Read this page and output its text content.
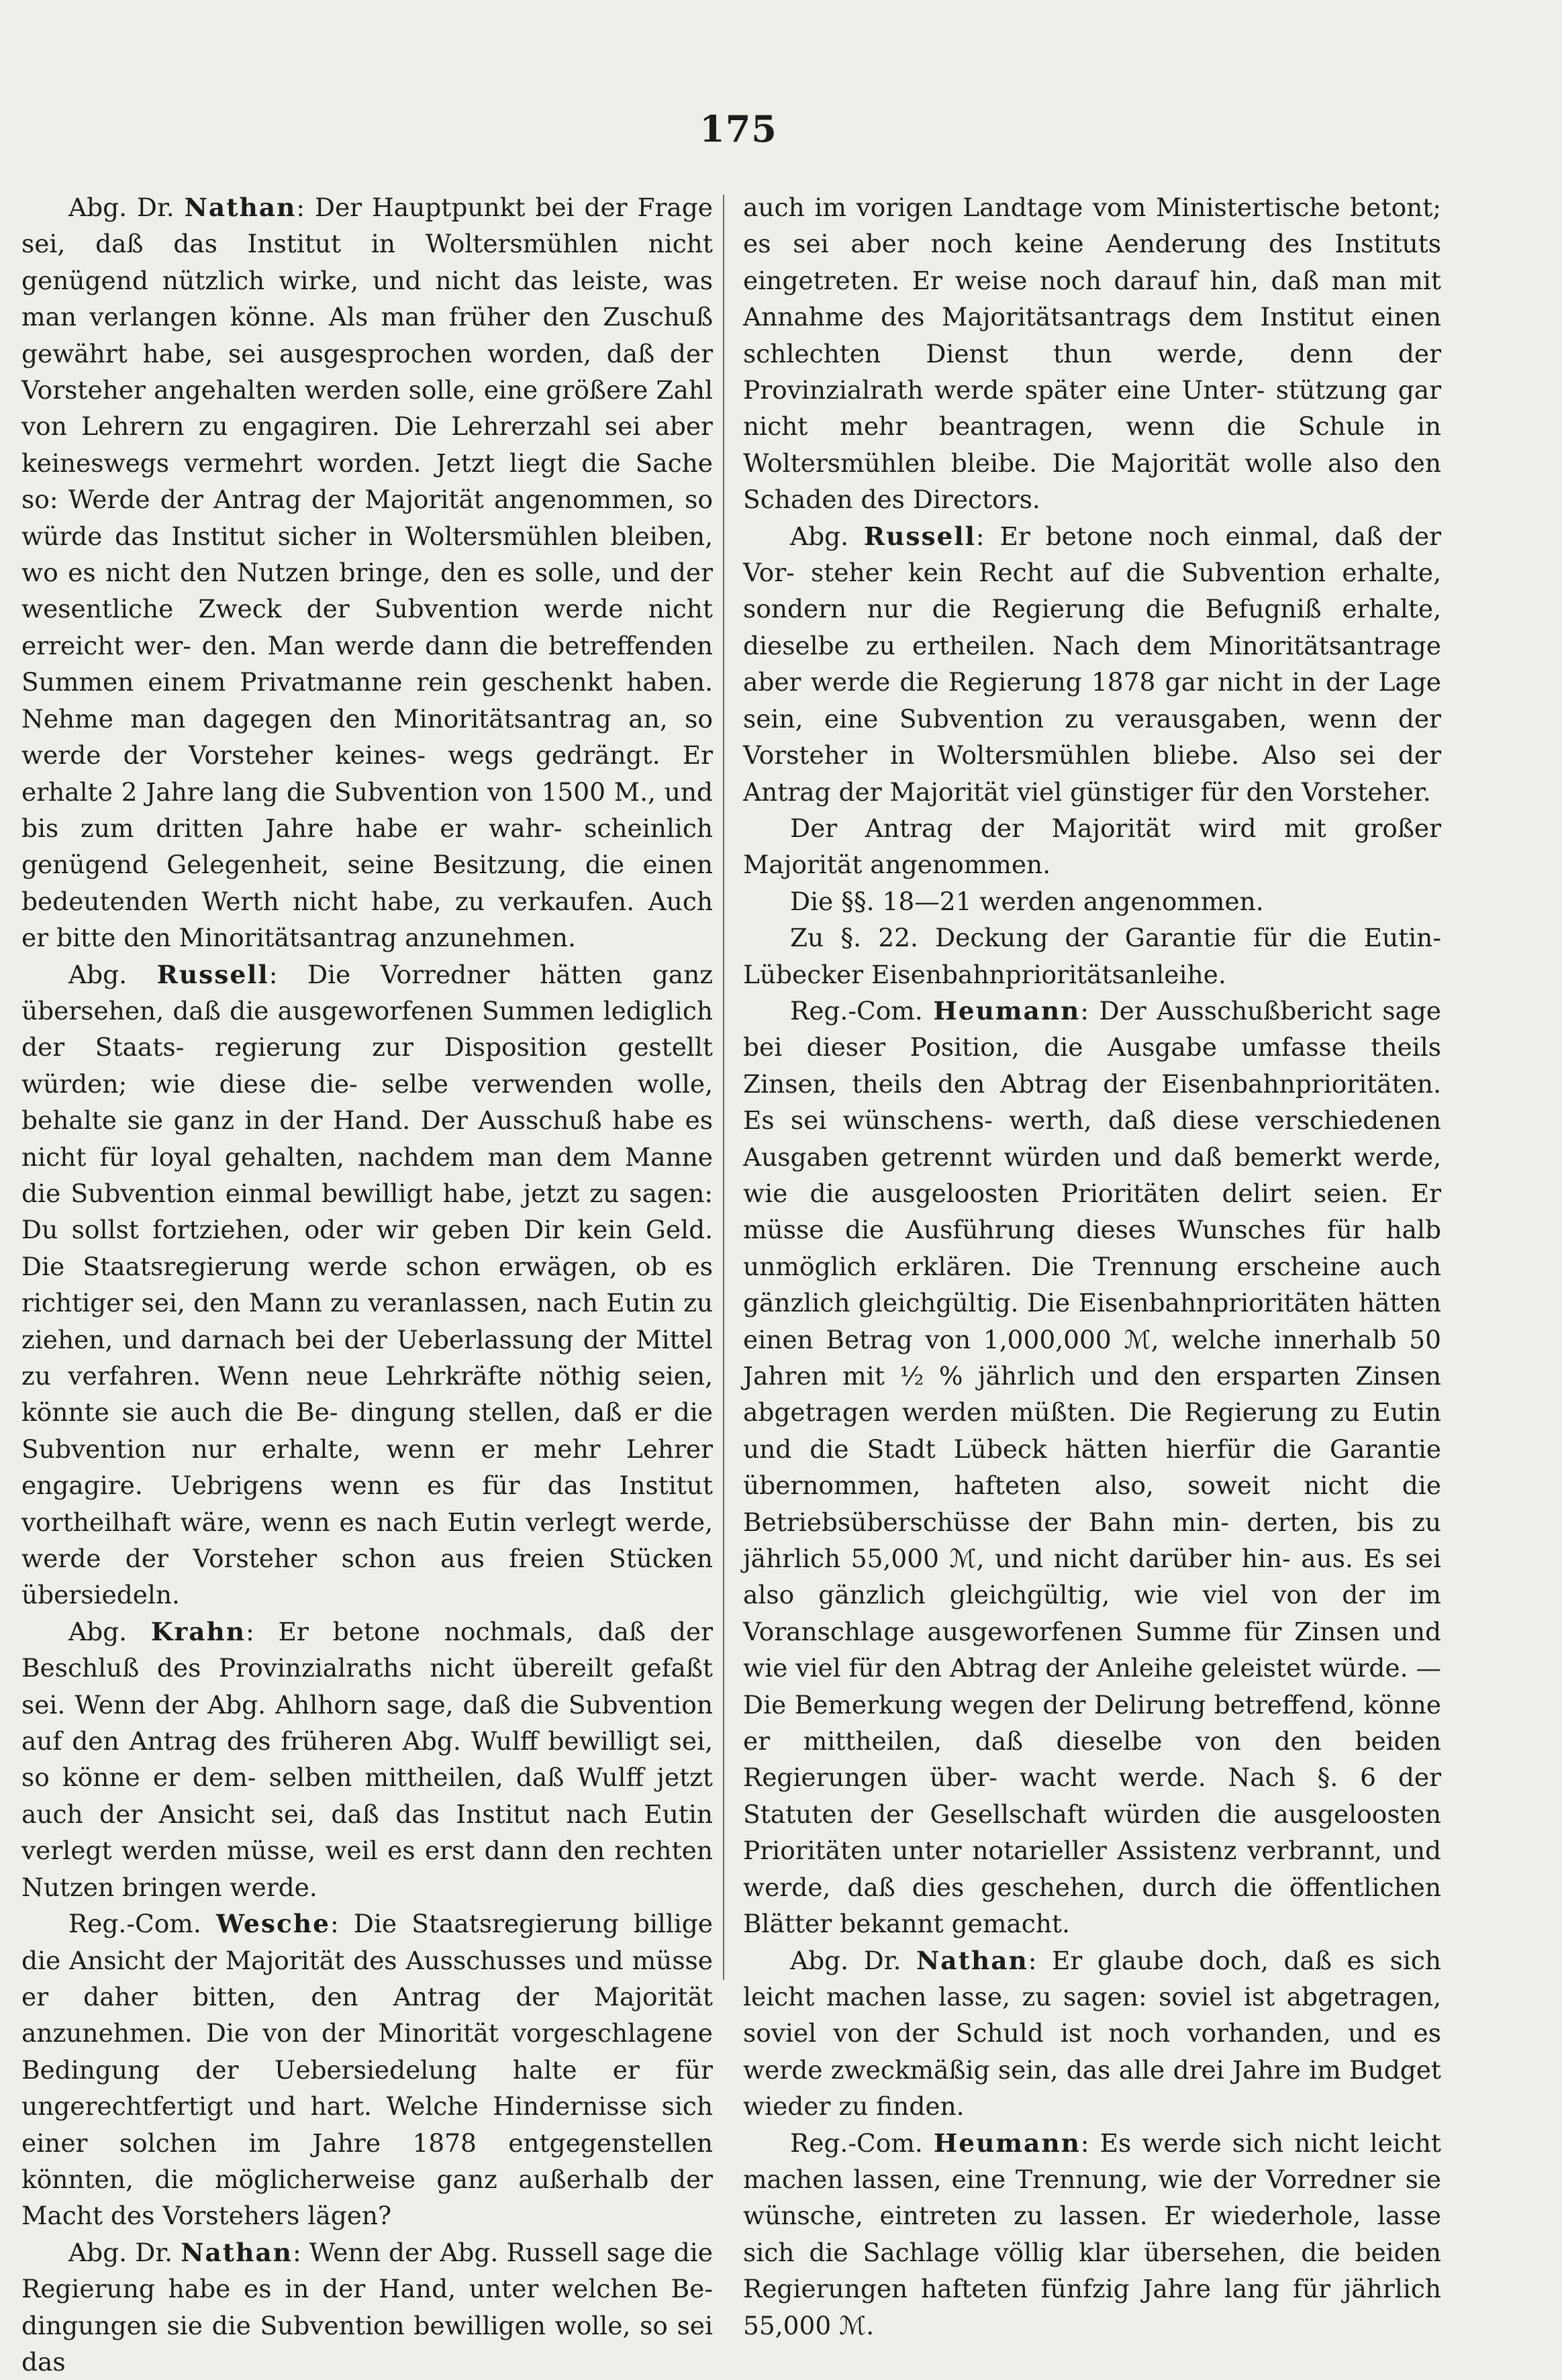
175

Abg. Dr. Nathan: Der Hauptpunkt bei der Frage sei, daß das Institut in Woltersmühlen nicht genügend nützlich wirke, und nicht das leiste, was man verlangen könne. Als man früher den Zuschuß gewährt habe, sei ausgesprochen worden, daß der Vorsteher angehalten werden solle, eine größere Zahl von Lehrern zu engagiren. Die Lehrerzahl sei aber keineswegs vermehrt worden. Jetzt liegt die Sache so: Werde der Antrag der Majorität angenommen, so würde das Institut sicher in Woltersmühlen bleiben, wo es nicht den Nutzen bringe, den es solle, und der wesentliche Zweck der Subvention werde nicht erreicht wer- den. Man werde dann die betreffenden Summen einem Privatmanne rein geschenkt haben. Nehme man dagegen den Minoritätsantrag an, so werde der Vorsteher keines- wegs gedrängt. Er erhalte 2 Jahre lang die Subvention von 1500 M., und bis zum dritten Jahre habe er wahr- scheinlich genügend Gelegenheit, seine Besitzung, die einen bedeutenden Werth nicht habe, zu verkaufen. Auch er bitte den Minoritätsantrag anzunehmen.

Abg. Russell: Die Vorredner hätten ganz übersehen, daß die ausgeworfenen Summen lediglich der Staats- regierung zur Disposition gestellt würden; wie diese die- selbe verwenden wolle, behalte sie ganz in der Hand. Der Ausschuß habe es nicht für loyal gehalten, nachdem man dem Manne die Subvention einmal bewilligt habe, jetzt zu sagen: Du sollst fortziehen, oder wir geben Dir kein Geld. Die Staatsregierung werde schon erwägen, ob es richtiger sei, den Mann zu veranlassen, nach Eutin zu ziehen, und darnach bei der Ueberlassung der Mittel zu verfahren. Wenn neue Lehrkräfte nöthig seien, könnte sie auch die Be- dingung stellen, daß er die Subvention nur erhalte, wenn er mehr Lehrer engagire. Uebrigens wenn es für das Institut vortheilhaft wäre, wenn es nach Eutin verlegt werde, werde der Vorsteher schon aus freien Stücken übersiedeln.

Abg. Krahn: Er betone nochmals, daß der Beschluß des Provinzialraths nicht übereilt gefaßt sei. Wenn der Abg. Ahlhorn sage, daß die Subvention auf den Antrag des früheren Abg. Wulff bewilligt sei, so könne er dem- selben mittheilen, daß Wulff jetzt auch der Ansicht sei, daß das Institut nach Eutin verlegt werden müsse, weil es erst dann den rechten Nutzen bringen werde.

Reg.-Com. Wesche: Die Staatsregierung billige die Ansicht der Majorität des Ausschusses und müsse er daher bitten, den Antrag der Majorität anzunehmen. Die von der Minorität vorgeschlagene Bedingung der Uebersiedelung halte er für ungerechtfertigt und hart. Welche Hindernisse sich einer solchen im Jahre 1878 entgegenstellen könnten, die möglicherweise ganz außerhalb der Macht des Vorstehers lägen?

Abg. Dr. Nathan: Wenn der Abg. Russell sage die Regierung habe es in der Hand, unter welchen Be- dingungen sie die Subvention bewilligen wolle, so sei das

auch im vorigen Landtage vom Ministertische betont; es sei aber noch keine Aenderung des Instituts eingetreten. Er weise noch darauf hin, daß man mit Annahme des Majoritätsantrags dem Institut einen schlechten Dienst thun werde, denn der Provinzialrath werde später eine Unter- stützung gar nicht mehr beantragen, wenn die Schule in Woltersmühlen bleibe. Die Majorität wolle also den Schaden des Directors.

Abg. Russell: Er betone noch einmal, daß der Vor- steher kein Recht auf die Subvention erhalte, sondern nur die Regierung die Befugniß erhalte, dieselbe zu ertheilen. Nach dem Minoritätsantrage aber werde die Regierung 1878 gar nicht in der Lage sein, eine Subvention zu verausgaben, wenn der Vorsteher in Woltersmühlen bliebe. Also sei der Antrag der Majorität viel günstiger für den Vorsteher.

Der Antrag der Majorität wird mit großer Majorität angenommen.

Die §§. 18—21 werden angenommen.

Zu §. 22. Deckung der Garantie für die Eutin- Lübecker Eisenbahnprioritätsanleihe.

Reg.-Com. Heumann: Der Ausschußbericht sage bei dieser Position, die Ausgabe umfasse theils Zinsen, theils den Abtrag der Eisenbahnprioritäten. Es sei wünschens- werth, daß diese verschiedenen Ausgaben getrennt würden und daß bemerkt werde, wie die ausgeloosten Prioritäten delirt seien. Er müsse die Ausführung dieses Wunsches für halb unmöglich erklären. Die Trennung erscheine auch gänzlich gleichgültig. Die Eisenbahnprioritäten hätten einen Betrag von 1,000,000 ℳ, welche innerhalb 50 Jahren mit ½ % jährlich und den ersparten Zinsen abgetragen werden müßten. Die Regierung zu Eutin und die Stadt Lübeck hätten hierfür die Garantie übernommen, hafteten also, soweit nicht die Betriebsüberschüsse der Bahn min- derten, bis zu jährlich 55,000 ℳ, und nicht darüber hin- aus. Es sei also gänzlich gleichgültig, wie viel von der im Voranschlage ausgeworfenen Summe für Zinsen und wie viel für den Abtrag der Anleihe geleistet würde. — Die Bemerkung wegen der Delirung betreffend, könne er mittheilen, daß dieselbe von den beiden Regierungen über- wacht werde. Nach §. 6 der Statuten der Gesellschaft würden die ausgeloosten Prioritäten unter notarieller Assistenz verbrannt, und werde, daß dies geschehen, durch die öffentlichen Blätter bekannt gemacht.

Abg. Dr. Nathan: Er glaube doch, daß es sich leicht machen lasse, zu sagen: soviel ist abgetragen, soviel von der Schuld ist noch vorhanden, und es werde zweckmäßig sein, das alle drei Jahre im Budget wieder zu finden.

Reg.-Com. Heumann: Es werde sich nicht leicht machen lassen, eine Trennung, wie der Vorredner sie wünsche, eintreten zu lassen. Er wiederhole, lasse sich die Sachlage völlig klar übersehen, die beiden Regierungen hafteten fünfzig Jahre lang für jährlich 55,000 ℳ.
